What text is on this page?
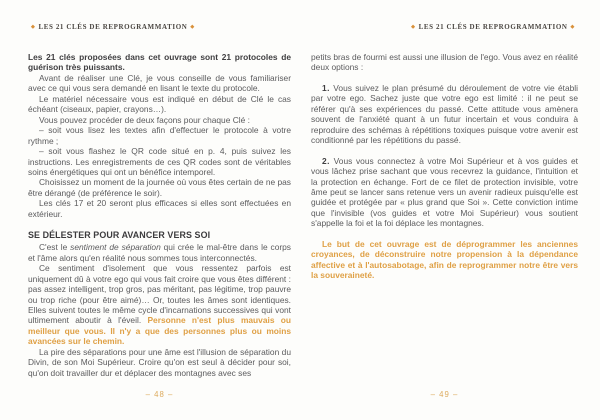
◆ LES 21 CLÉS DE REPROGRAMMATION ◆

Les 21 clés proposées dans cet ouvrage sont 21 protocoles de guérison très puissants.

Avant de réaliser une Clé, je vous conseille de vous familiariser avec ce qui vous sera demandé en lisant le texte du protocole.

Le matériel nécessaire vous est indiqué en début de Clé le cas échéant (ciseaux, papier, crayons…).

Vous pouvez procéder de deux façons pour chaque Clé :

– soit vous lisez les textes afin d'effectuer le protocole à votre rythme ;

– soit vous flashez le QR code situé en p. 4, puis suivez les instructions. Les enregistrements de ces QR codes sont de véritables soins énergétiques qui ont un bénéfice intemporel.

Choisissez un moment de la journée où vous êtes certain de ne pas être dérangé (de préférence le soir).

Les clés 17 et 20 seront plus efficaces si elles sont effectuées en extérieur.

SE DÉLESTER POUR AVANCER VERS SOI

C'est le sentiment de séparation qui crée le mal-être dans le corps et l'âme alors qu'en réalité nous sommes tous interconnectés.

Ce sentiment d'isolement que vous ressentez parfois est uniquement dû à votre ego qui vous fait croire que vous êtes différent : pas assez intelligent, trop gros, pas méritant, pas légitime, trop pauvre ou trop riche (pour être aimé)… Or, toutes les âmes sont identiques. Elles suivent toutes le même cycle d'incarnations successives qui vont ultimement aboutir à l'éveil. Personne n'est plus mauvais ou meilleur que vous. Il n'y a que des personnes plus ou moins avancées sur le chemin.

La pire des séparations pour une âme est l'illusion de séparation du Divin, de son Moi Supérieur. Croire qu'on est seul à décider pour soi, qu'on doit travailler dur et déplacer des montagnes avec ses

– 48 –
◆ LES 21 CLÉS DE REPROGRAMMATION ◆

petits bras de fourmi est aussi une illusion de l'ego. Vous avez en réalité deux options :

1. Vous suivez le plan présumé du déroulement de votre vie établi par votre ego. Sachez juste que votre ego est limité : il ne peut se référer qu'à ses expériences du passé. Cette attitude vous amènera souvent de l'anxiété quant à un futur incertain et vous conduira à reproduire des schémas à répétitions toxiques puisque votre avenir est conditionné par les répétitions du passé.

2. Vous vous connectez à votre Moi Supérieur et à vos guides et vous lâchez prise sachant que vous recevrez la guidance, l'intuition et la protection en échange. Fort de ce filet de protection invisible, votre âme peut se lancer sans retenue vers un avenir radieux puisqu'elle est guidée et protégée par « plus grand que Soi ». Cette conviction intime que l'invisible (vos guides et votre Moi Supérieur) vous soutient s'appelle la foi et la foi déplace les montagnes.

Le but de cet ouvrage est de déprogrammer les anciennes croyances, de déconstruire notre propension à la dépendance affective et à l'autosabotage, afin de reprogrammer notre être vers la souveraineté.

– 49 –
